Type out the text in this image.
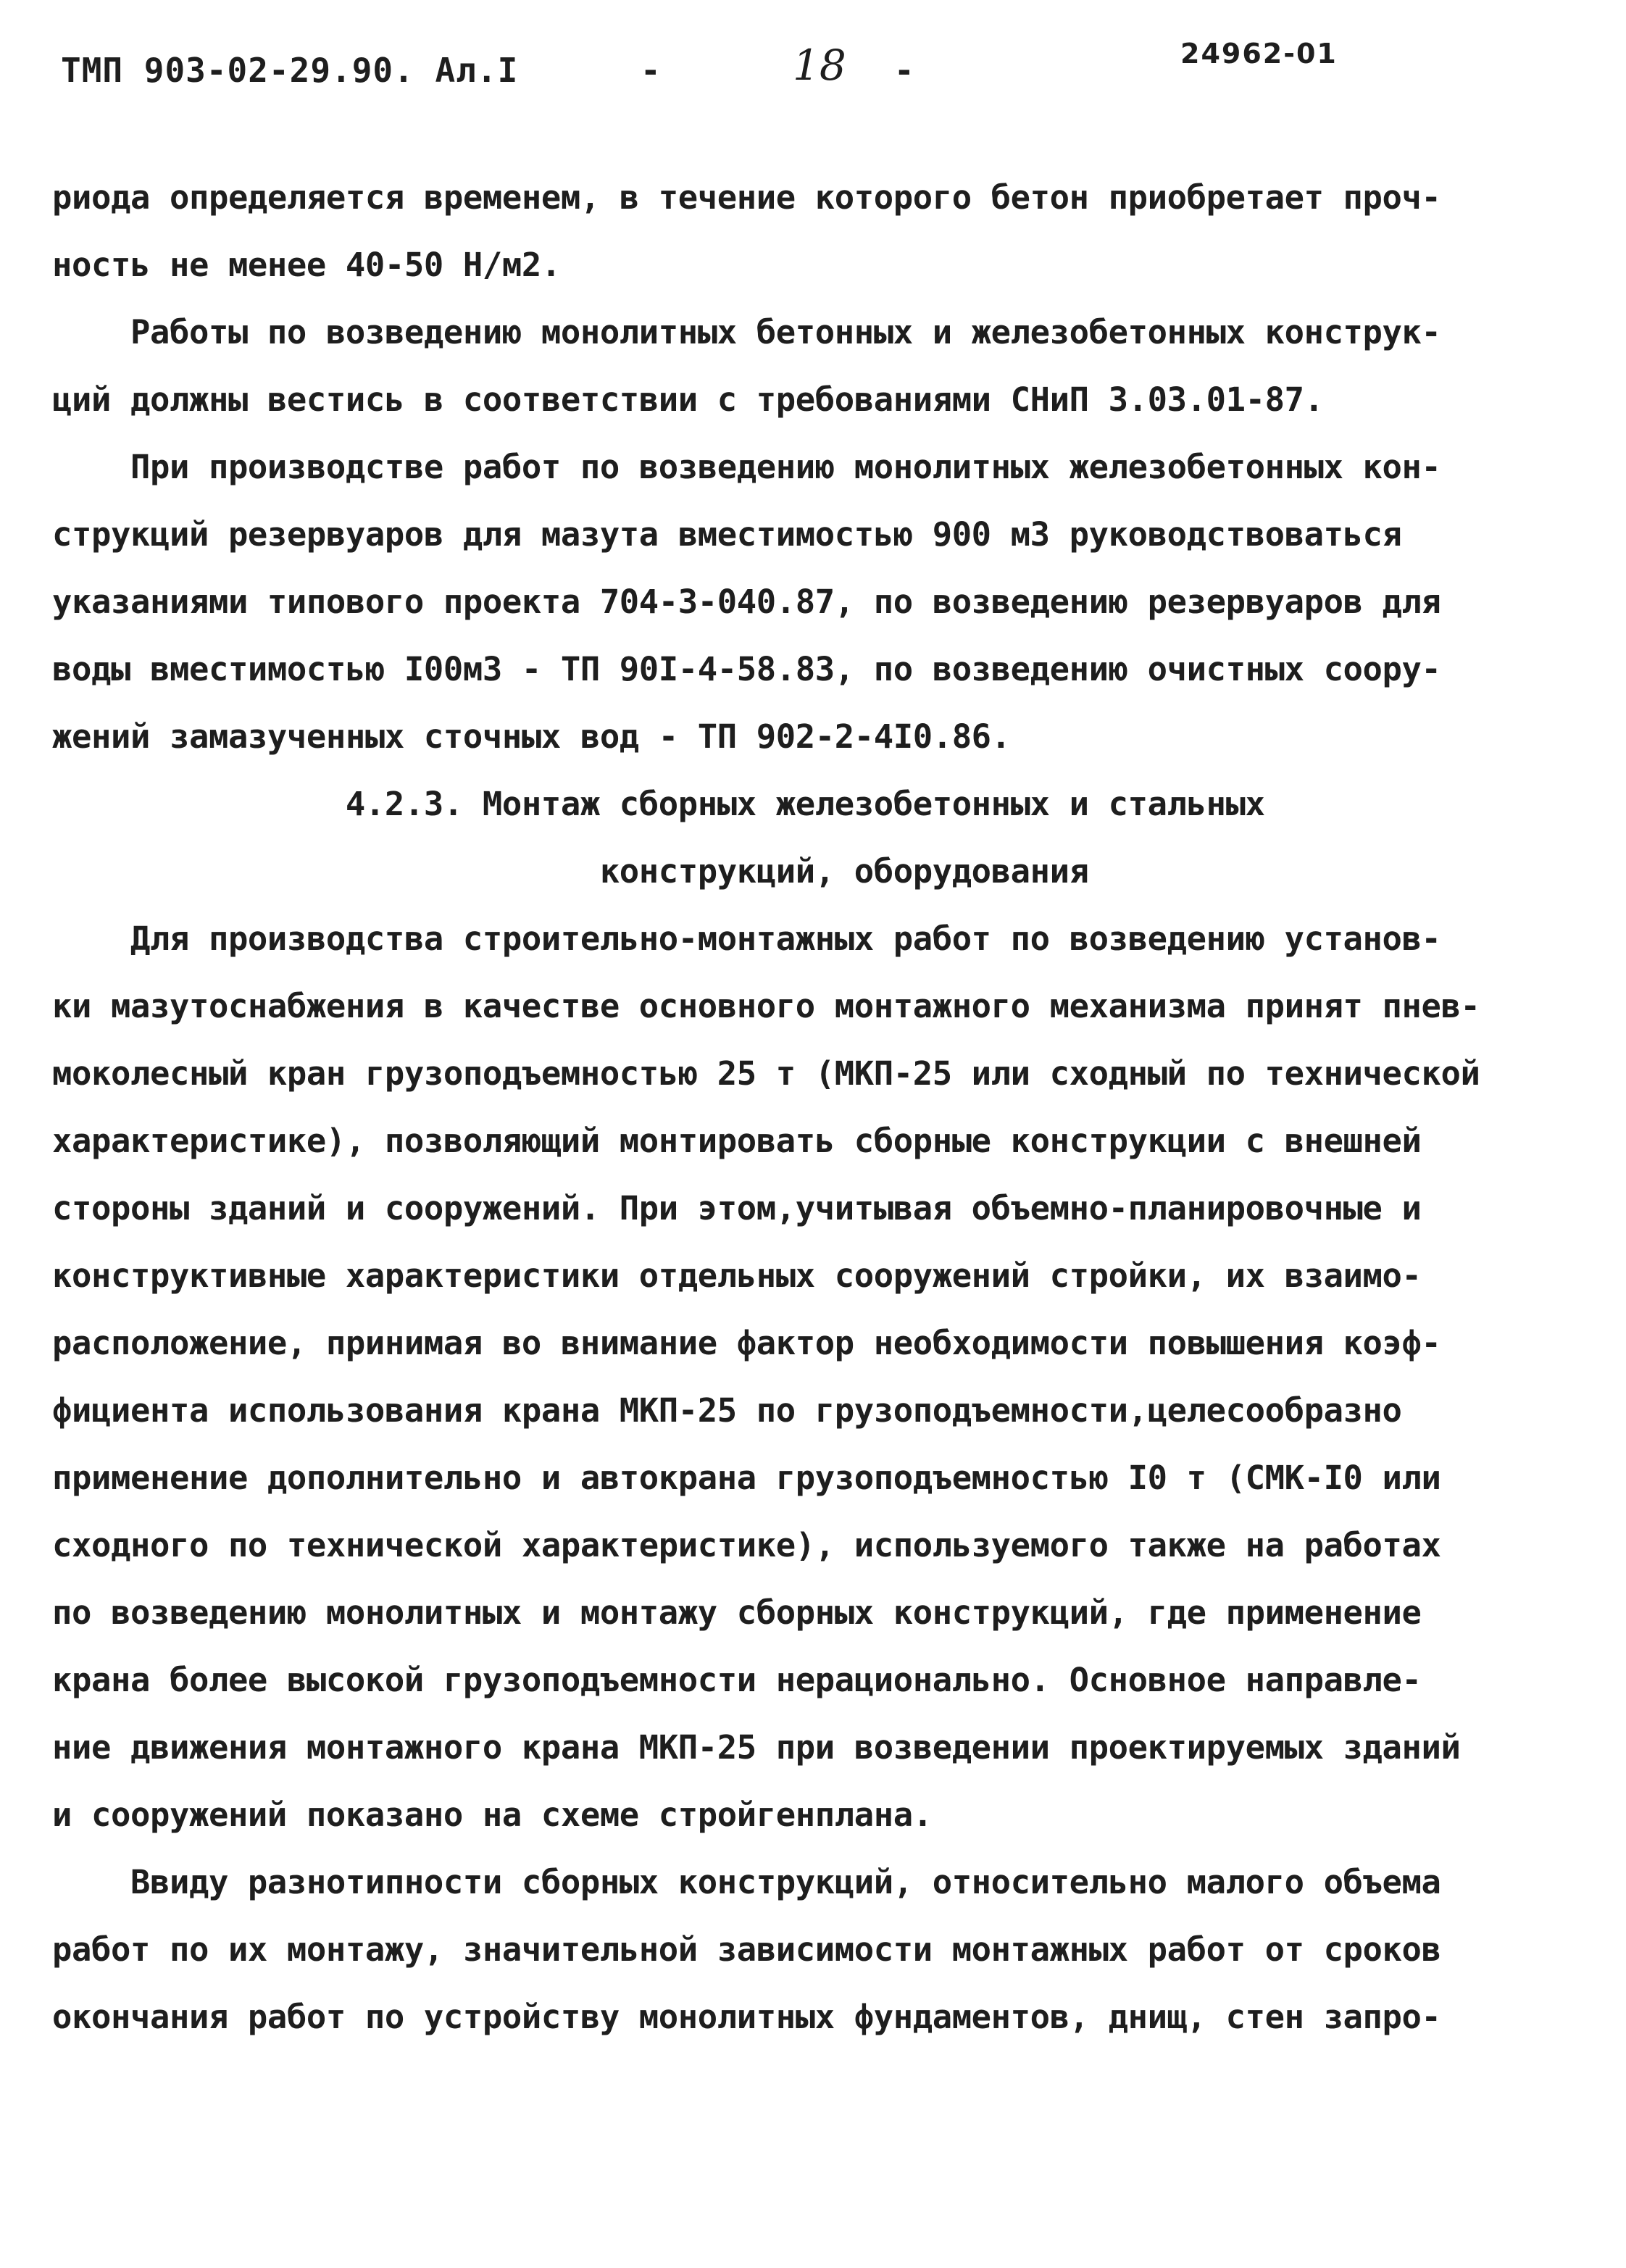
ТМП 903-02-29.90. Ал.I	-	18 -	24962-01
риода определяется временем, в течение которого бетон приобретает проч-
ность не менее 40-50 Н/м2.
Работы по возведению монолитных бетонных и железобетонных конструк-
ций должны вестись в соответствии с требованиями СНиП 3.03.01-87.
При производстве работ по возведению монолитных железобетонных кон-
струкций резервуаров для мазута вместимостью 900 м3 руководствоваться
указаниями типового проекта 704-3-040.87, по возведению резервуаров для
воды вместимостью I00м3 - ТП 90I-4-58.83, по возведению очистных соору-
жений замазученных сточных вод - ТП 902-2-4I0.86.
4.2.3. Монтаж сборных железобетонных и стальных
конструкций, оборудования
Для производства строительно-монтажных работ по возведению установ-
ки мазутоснабжения в качестве основного монтажного механизма принят пнев-
моколесный кран грузоподъемностью 25 т (МКП-25 или сходный по технической
характеристике), позволяющий монтировать сборные конструкции с внешней
стороны зданий и сооружений. При этом,учитывая объемно-планировочные и
конструктивные характеристики отдельных сооружений стройки, их взаимо-
расположение, принимая во внимание фактор необходимости повышения коэф-
фициента использования крана МКП-25 по грузоподъемности,целесообразно
применение дополнительно и автокрана грузоподъемностью I0 т (СМК-I0 или
сходного по технической характеристике), используемого также на работах
по возведению монолитных и монтажу сборных конструкций, где применение
крана более высокой грузоподъемности нерационально. Основное направле-
ние движения монтажного крана МКП-25 при возведении проектируемых зданий
и сооружений показано на схеме стройгенплана.
Ввиду разнотипности сборных конструкций, относительно малого объема
работ по их монтажу, значительной зависимости монтажных работ от сроков
окончания работ по устройству монолитных фундаментов, днищ, стен запро-
